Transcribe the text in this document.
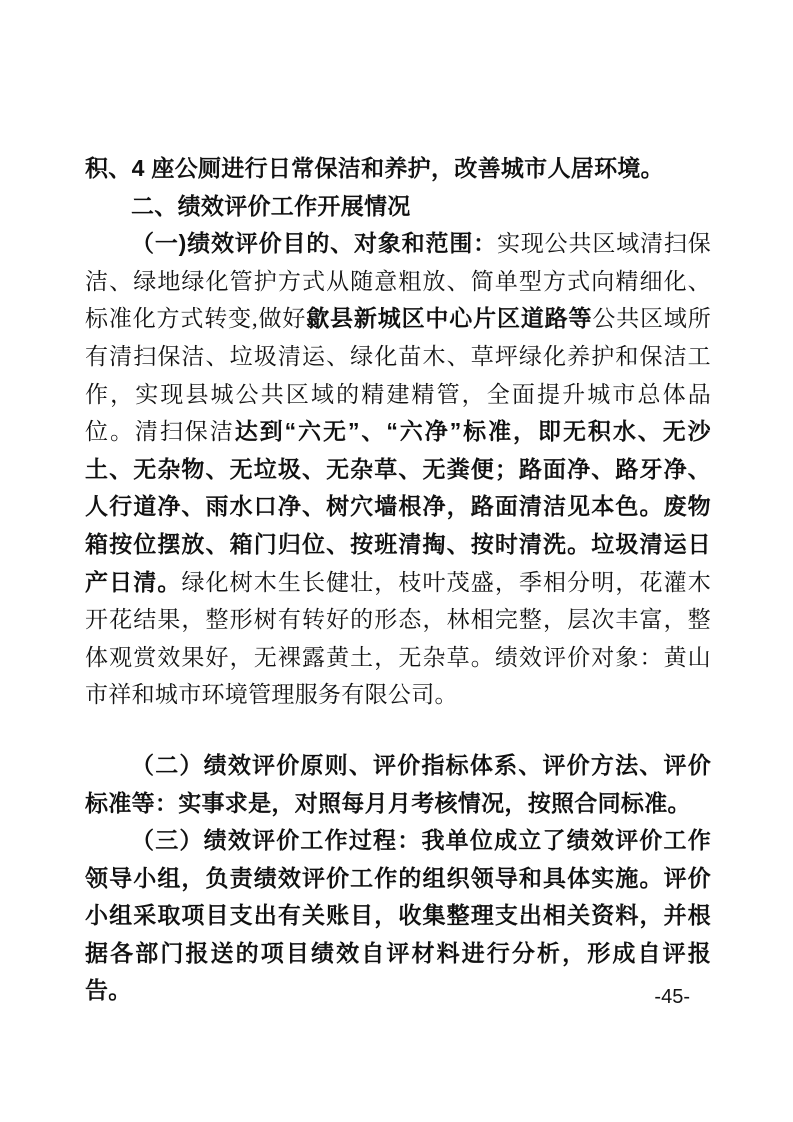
积、4 座公厕进行日常保洁和养护，改善城市人居环境。

二、绩效评价工作开展情况

（一)绩效评价目的、对象和范围：实现公共区域清扫保洁、绿地绿化管护方式从随意粗放、简单型方式向精细化、标准化方式转变,做好歙县新城区中心片区道路等公共区域所有清扫保洁、垃圾清运、绿化苗木、草坪绿化养护和保洁工作，实现县城公共区域的精建精管，全面提升城市总体品位。清扫保洁达到“六无”、“六净”标准，即无积水、无沙土、无杂物、无垃圾、无杂草、无粪便；路面净、路牙净、人行道净、雨水口净、树穴墙根净，路面清洁见本色。废物箱按位摆放、箱门归位、按班清掏、按时清洗。垃圾清运日产日清。绿化树木生长健壮，枝叶茂盛，季相分明，花灌木开花结果，整形树有转好的形态，林相完整，层次丰富，整体观赏效果好，无裸露黄土，无杂草。绩效评价对象：黄山市祥和城市环境管理服务有限公司。

（二）绩效评价原则、评价指标体系、评价方法、评价标准等：实事求是，对照每月月考核情况，按照合同标准。

（三）绩效评价工作过程：我单位成立了绩效评价工作领导小组，负责绩效评价工作的组织领导和具体实施。评价小组采取项目支出有关账目，收集整理支出相关资料，并根据各部门报送的项目绩效自评材料进行分析，形成自评报告。	-45-
